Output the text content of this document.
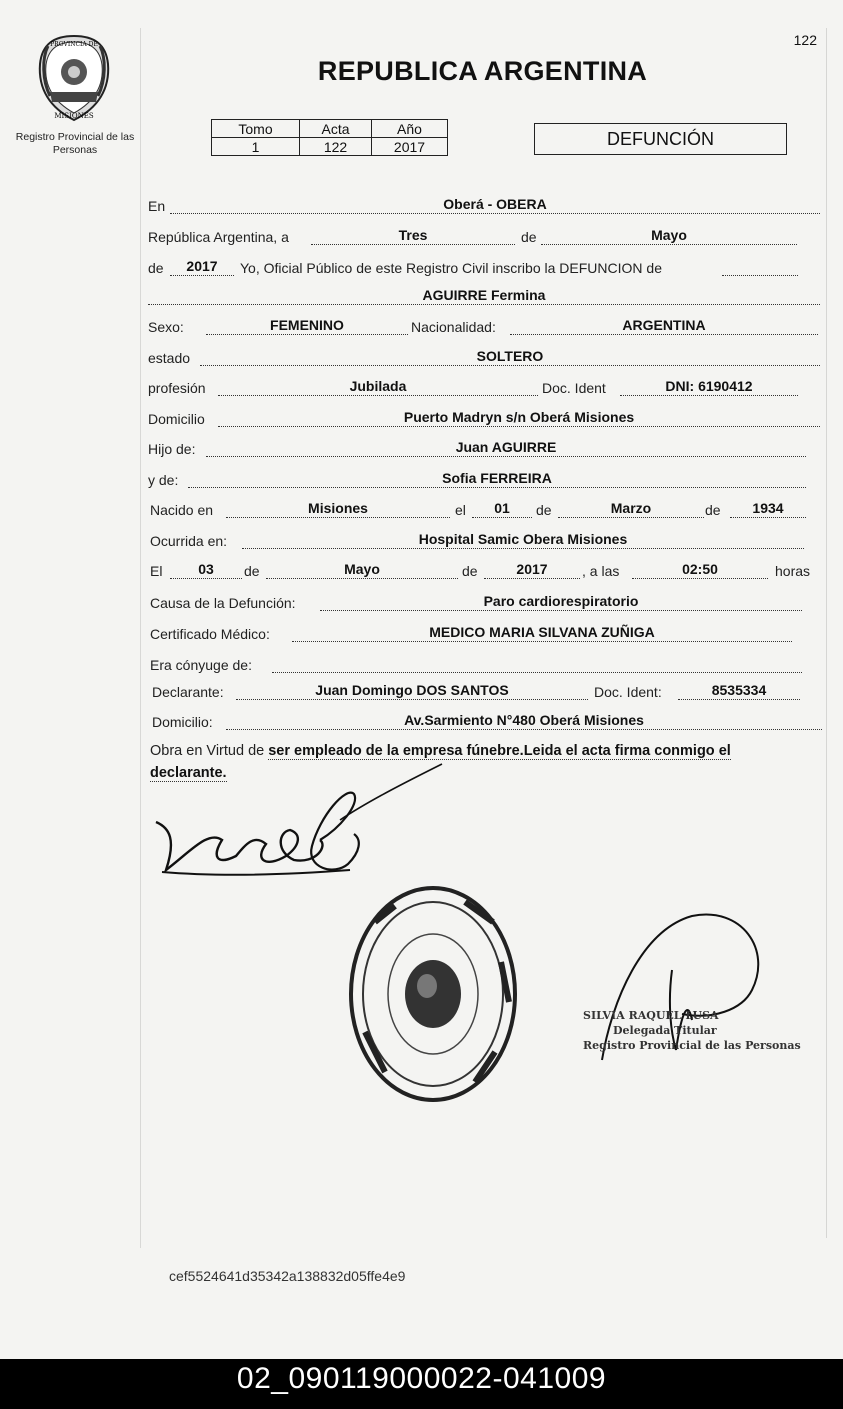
122
PROVINCIA DE
MISIONES
Registro Provincial de las Personas
REPUBLICA ARGENTINA
Tomo	Acta	Año
1	122	2017	DEFUNCIÓN
En	Oberá - OBERA
República Argentina, a	Tres	de	Mayo
de	2017	Yo, Oficial Público de este Registro Civil inscribo la DEFUNCION de
AGUIRRE Fermina
Sexo:	FEMENINO	Nacionalidad:	ARGENTINA
estado	SOLTERO
profesión	Jubilada	Doc. Ident	DNI: 6190412
Domicilio	Puerto Madryn s/n Oberá Misiones
Hijo de:	Juan AGUIRRE
y de:	Sofia FERREIRA
Nacido en	Misiones	el	01	de	Marzo	de	1934
Ocurrida en:	Hospital Samic Obera Misiones
El	03	de	Mayo	de	2017	, a las	02:50	horas
Causa de la Defunción:	Paro cardiorespiratorio
Certificado Médico:	MEDICO MARIA SILVANA ZUÑIGA
Era cónyuge de:
Declarante:	Juan Domingo DOS SANTOS	Doc. Ident:	8535334
Domicilio:	Av.Sarmiento N°480 Oberá Misiones
Obra en Virtud de ser empleado de la empresa fúnebre.Leida el acta firma conmigo el
declarante.
SILVIA RAQUEL LUSA
Delegada Titular
Registro Provincial de las Personas
cef5524641d35342a138832d05ffe4e9
02_090119000022-041009
